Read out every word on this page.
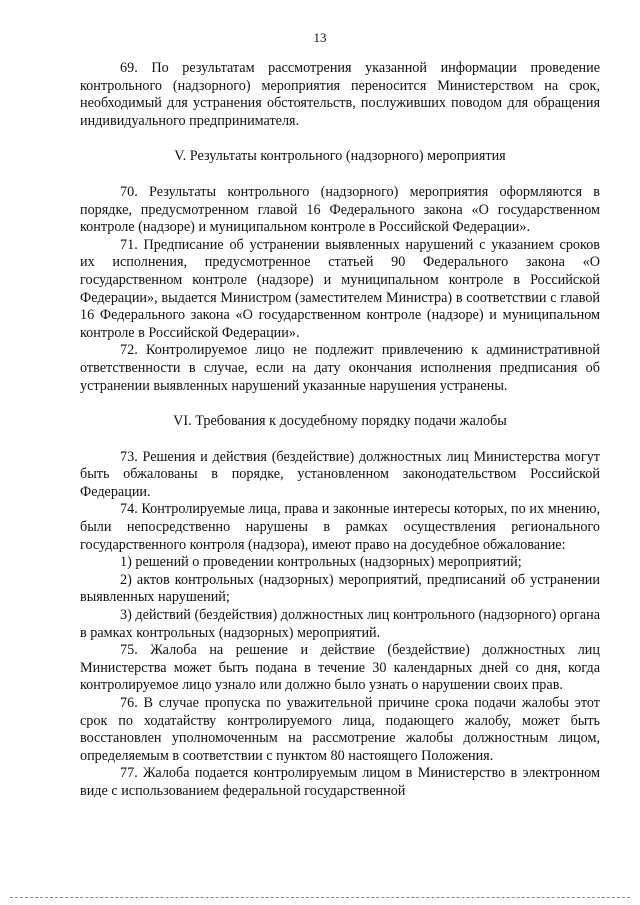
13

69. По результатам рассмотрения указанной информации проведение контрольного (надзорного) мероприятия переносится Министерством на срок, необходимый для устранения обстоятельств, послуживших поводом для обращения индивидуального предпринимателя.

V. Результаты контрольного (надзорного) мероприятия

70. Результаты контрольного (надзорного) мероприятия оформляются в порядке, предусмотренном главой 16 Федерального закона «О государственном контроле (надзоре) и муниципальном контроле в Российской Федерации».

71. Предписание об устранении выявленных нарушений с указанием сроков их исполнения, предусмотренное статьей 90 Федерального закона «О государственном контроле (надзоре) и муниципальном контроле в Российской Федерации», выдается Министром (заместителем Министра) в соответствии с главой 16 Федерального закона «О государственном контроле (надзоре) и муниципальном контроле в Российской Федерации».

72. Контролируемое лицо не подлежит привлечению к административной ответственности в случае, если на дату окончания исполнения предписания об устранении выявленных нарушений указанные нарушения устранены.

VI. Требования к досудебному порядку подачи жалобы

73. Решения и действия (бездействие) должностных лиц Министерства могут быть обжалованы в порядке, установленном законодательством Российской Федерации.

74. Контролируемые лица, права и законные интересы которых, по их мнению, были непосредственно нарушены в рамках осуществления регионального государственного контроля (надзора), имеют право на досудебное обжалование:

1) решений о проведении контрольных (надзорных) мероприятий;

2) актов контрольных (надзорных) мероприятий, предписаний об устранении выявленных нарушений;

3) действий (бездействия) должностных лиц контрольного (надзорного) органа в рамках контрольных (надзорных) мероприятий.

75. Жалоба на решение и действие (бездействие) должностных лиц Министерства может быть подана в течение 30 календарных дней со дня, когда контролируемое лицо узнало или должно было узнать о нарушении своих прав.

76. В случае пропуска по уважительной причине срока подачи жалобы этот срок по ходатайству контролируемого лица, подающего жалобу, может быть восстановлен уполномоченным на рассмотрение жалобы должностным лицом, определяемым в соответствии с пунктом 80 настоящего Положения.

77. Жалоба подается контролируемым лицом в Министерство в электронном виде с использованием федеральной государственной
